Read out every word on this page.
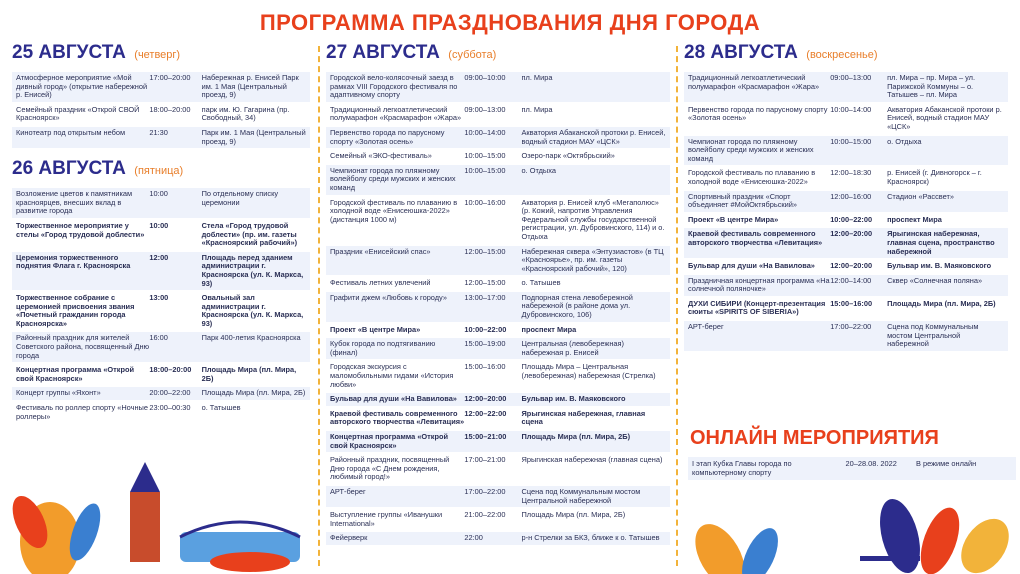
ПРОГРАММА ПРАЗДНОВАНИЯ ДНЯ ГОРОДА
25 АВГУСТА (четверг)
Атмосферное мероприятие «Мой дивный город» (открытие набережной р. Енисей)
17:00–20:00	Набережная р. Енисей Парк им. 1 Мая (Центральный проезд, 9)
Семейный праздник «Открой СВОЙ Красноярск»
18:00–20:00	парк им. Ю. Гагарина (пр. Свободный, 34)
Кинотеатр под открытым небом	21:30	Парк им. 1 Мая (Центральный проезд, 9)
26 АВГУСТА (пятница)
Возложение цветов к памятникам красноярцев, внесших вклад в развитие города
10:00	По отдельному списку церемонии
Торжественное мероприятие у стелы «Город трудовой доблести»
10:00	Стела «Город трудовой доблести» (пр. им. газеты «Красноярский рабочий»)
Церемония торжественного поднятия Флага г. Красноярска
12:00	Площадь перед зданием администрации г. Красноярска (ул. К. Маркса, 93)
Торжественное собрание с церемонией присвоения звания «Почетный гражданин города Красноярска»
13:00	Овальный зал администрации г. Красноярска (ул. К. Маркса, 93)
Районный праздник для жителей Советского района, посвященный Дню города
16:00	Парк 400-летия Красноярска
Концертная программа «Открой свой Красноярск»
18:00–20:00	Площадь Мира (пл. Мира, 2Б)
Концерт группы «Яхонт»	20:00–22:00	Площадь Мира (пл. Мира, 2Б)
Фестиваль по роллер спорту «Ночные роллеры»
23:00–00:30	о. Татышев
27 АВГУСТА (суббота)
Городской вело-колясочный заезд в рамках VIII Городского фестиваля по адаптивному спорту
09:00–10:00	пл. Мира
Традиционный легкоатлетический полумарафон «Красмарафон «Жара»
09:00–13:00	пл. Мира
Первенство города по парусному спорту «Золотая осень»
10:00–14:00	Акватория Абаканской протоки р. Енисей, водный стадион МАУ «ЦСК»
Семейный «ЭКО-фестиваль»	10:00–15:00	Озеро-парк «Октябрьский»
Чемпионат города по пляжному волейболу среди мужских и женских команд
10:00–15:00	о. Отдыха
Городской фестиваль по плаванию в холодной воде «Енисеюшка-2022» (дистанция 1000 м)
10:00–16:00	Акватория р. Енисей клуб «Мегаполюс» (р. Кожий, напротив Управления Федеральной службы государственной регистрации, ул. Дубровинского, 114) и о. Отдыха
Праздник «Енисейский спас»	12:00–15:00	Набережная сквера «Энтузиастов» (в ТЦ «Красноярье», пр. им. газеты «Красноярский рабочий», 120)
Фестиваль летних увлечений	12:00–15:00	о. Татышев
Графити джем «Любовь к городу»	13:00–17:00	Подпорная стена левобережной набережной (в районе дома ул. Дубровинского, 106)
Проект «В центре Мира»	10:00–22:00	проспект Мира
Кубок города по подтягиванию (финал)
15:00–19:00	Центральная (левобережная) набережная р. Енисей
Городская экскурсия с маломобильными гидами «История любви»
15:00–16:00	Площадь Мира – Центральная (левобережная) набережная (Стрелка)
Бульвар для души «На Вавилова»	12:00–20:00	Бульвар им. В. Маяковского
Краевой фестиваль современного авторского творчества «Левитация»
12:00–22:00	Ярыгинская набережная, главная сцена
Концертная программа «Открой свой Красноярск»
15:00–21:00	Площадь Мира (пл. Мира, 2Б)
Районный праздник, посвященный Дню города «С Днем рождения, любимый город!»
17:00–21:00	Ярыгинская набережная (главная сцена)
АРТ-берег	17:00–22:00	Сцена под Коммунальным мостом Центральной набережной
Выступление группы «Иванушки International»
21:00–22:00	Площадь Мира (пл. Мира, 2Б)
Фейерверк	22:00	р-н Стрелки за БКЗ, ближе к о. Татышев
28 АВГУСТА (воскресенье)
Традиционный легкоатлетический полумарафон «Красмарафон «Жара»
09:00–13:00	пл. Мира – пр. Мира – ул. Парижской Коммуны – о. Татышев – пл. Мира
Первенство города по парусному спорту «Золотая осень»
10:00–14:00	Акватория Абаканской протоки р. Енисей, водный стадион МАУ «ЦСК»
Чемпионат города по пляжному волейболу среди мужских и женских команд
10:00–15:00	о. Отдыха
Городской фестиваль по плаванию в холодной воде «Енисеюшка-2022»
12:00–18:30	р. Енисей (г. Дивногорск – г. Красноярск)
Спортивный праздник «Спорт объединяет #МойОктябрьский»
12:00–16:00	Стадион «Рассвет»
Проект «В центре Мира»	10:00–22:00	проспект Мира
Краевой фестиваль современного авторского творчества «Левитация»
12:00–20:00	Ярыгинская набережная, главная сцена, пространство набережной
Бульвар для души «На Вавилова»	12:00–20:00	Бульвар им. В. Маяковского
Праздничная концертная программа «На солнечной поляночке»
12:00–14:00	Сквер «Солнечная поляна»
ДУХИ СИБИРИ (Концерт-презентация сюиты «SPIRITS OF SIBERIA»)
15:00–16:00	Площадь Мира (пл. Мира, 2Б)
АРТ-берег	17:00–22:00	Сцена под Коммунальным мостом Центральной набережной
ОНЛАЙН МЕРОПРИЯТИЯ
I этап Кубка Главы города по компьютерному спорту
20–28.08. 2022	В режиме онлайн
